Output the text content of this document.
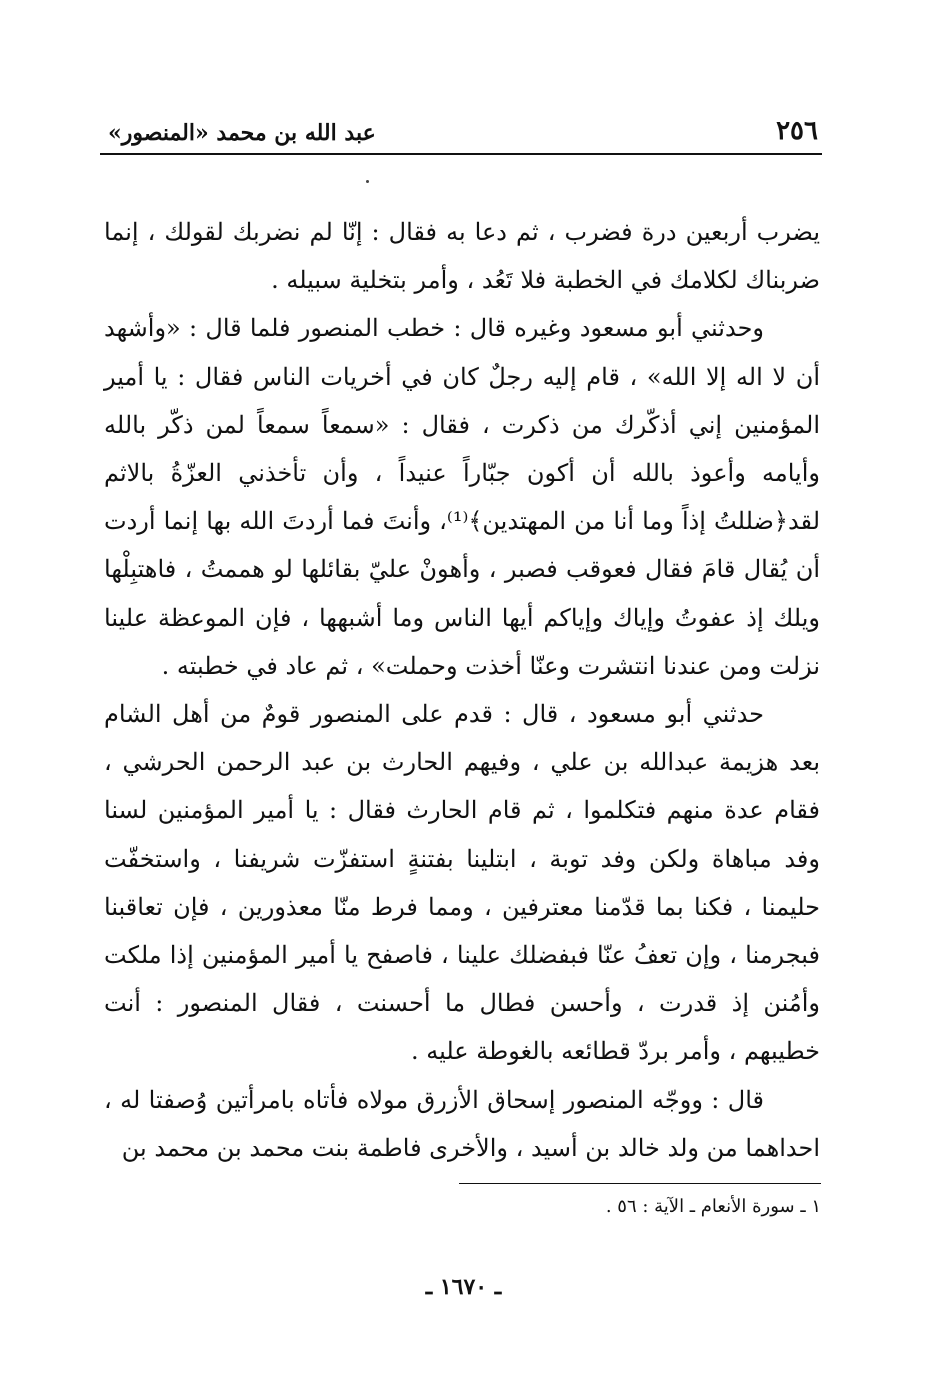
٢٥٦
عبد الله بن محمد «المنصور»

يضرب أربعين درة فضرب ، ثم دعا به فقال : إنّا لم نضربك لقولك ، إنما ضربناك لكلامك في الخطبة فلا تَعُد ، وأمر بتخلية سبيله .

وحدثني أبو مسعود وغيره قال : خطب المنصور فلما قال : «وأشهد أن لا اله إلا الله» ، قام إليه رجلٌ كان في أخريات الناس فقال : يا أمير المؤمنين إني أذكّرك من ذكرت ، فقال : «سمعاً سمعاً لمن ذكّر بالله وأيامه وأعوذ بالله أن أكون جبّاراً عنيداً ، وأن تأخذني العزّةُ بالاثم لقد﴿ضللتُ إذاً وما أنا من المهتدين﴾⁽¹⁾، وأنتَ فما أردتَ الله بها إنما أردت أن يُقال قامَ فقال فعوقب فصبر ، وأهونْ عليّ بقائلها لو هممتُ ، فاهتبِلْها ويلك إذ عفوتُ وإياك وإياكم أيها الناس وما أشبهها ، فإن الموعظة علينا نزلت ومن عندنا انتشرت وعنّا أخذت وحملت» ، ثم عاد في خطبته .

حدثني أبو مسعود ، قال : قدم على المنصور قومٌ من أهل الشام بعد هزيمة عبدالله بن علي ، وفيهم الحارث بن عبد الرحمن الحرشي ، فقام عدة منهم فتكلموا ، ثم قام الحارث فقال : يا أمير المؤمنين لسنا وفد مباهاة ولكن وفد توبة ، ابتلينا بفتنةٍ استفزّت شريفنا ، واستخفّت حليمنا ، فكنا بما قدّمنا معترفين ، ومما فرط منّا معذورين ، فإن تعاقبنا فبجرمنا ، وإن تعفُ عنّا فبفضلك علينا ، فاصفح يا أمير المؤمنين إذا ملكت وأمُنن إذ قدرت ، وأحسن فطال ما أحسنت ، فقال المنصور : أنت خطيبهم ، وأمر بردّ قطائعه بالغوطة عليه .

قال : ووجّه المنصور إسحاق الأزرق مولاه فأتاه بامرأتين وُصفتا له ، احداهما من ولد خالد بن أسيد ، والأخرى فاطمة بنت محمد بن محمد بن

١ ـ سورة الأنعام ـ الآية : ٥٦ .
ـ ١٦٧٠ ـ
